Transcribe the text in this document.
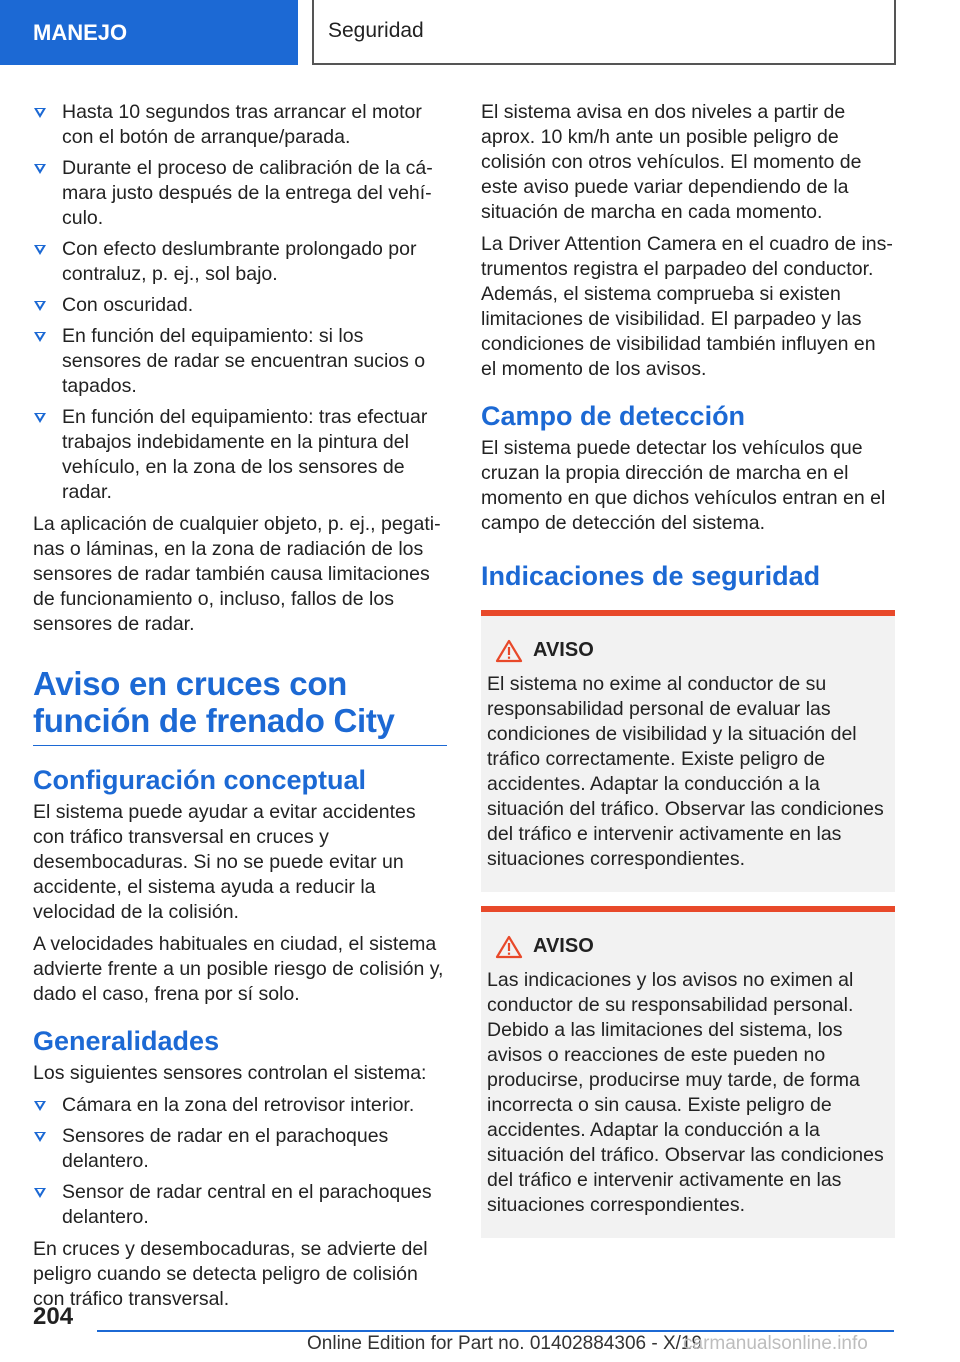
MANEJO	Seguridad
Hasta 10 segundos tras arrancar el motor con el botón de arranque/parada.
Durante el proceso de calibración de la cámara justo después de la entrega del vehículo.
Con efecto deslumbrante prolongado por contraluz, p. ej., sol bajo.
Con oscuridad.
En función del equipamiento: si los sensores de radar se encuentran sucios o tapados.
En función del equipamiento: tras efectuar trabajos indebidamente en la pintura del vehículo, en la zona de los sensores de radar.

La aplicación de cualquier objeto, p. ej., pegatinas o láminas, en la zona de radiación de los sensores de radar también causa limitaciones de funcionamiento o, incluso, fallos de los sensores de radar.

Aviso en cruces con función de frenado City
Configuración conceptual

El sistema puede ayudar a evitar accidentes con tráfico transversal en cruces y desembocaduras. Si no se puede evitar un accidente, el sistema ayuda a reducir la velocidad de la colisión.

A velocidades habituales en ciudad, el sistema advierte frente a un posible riesgo de colisión y, dado el caso, frena por sí solo.

Generalidades

Los siguientes sensores controlan el sistema:

Cámara en la zona del retrovisor interior.
Sensores de radar en el parachoques delantero.
Sensor de radar central en el parachoques delantero.

En cruces y desembocaduras, se advierte del peligro cuando se detecta peligro de colisión con tráfico transversal.

El sistema avisa en dos niveles a partir de aprox. 10 km/h ante un posible peligro de colisión con otros vehículos. El momento de este aviso puede variar dependiendo de la situación de marcha en cada momento.

La Driver Attention Camera en el cuadro de instrumentos registra el parpadeo del conductor. Además, el sistema comprueba si existen limitaciones de visibilidad. El parpadeo y las condiciones de visibilidad también influyen en el momento de los avisos.

Campo de detección

El sistema puede detectar los vehículos que cruzan la propia dirección de marcha en el momento en que dichos vehículos entran en el campo de detección del sistema.

Indicaciones de seguridad
AVISO

El sistema no exime al conductor de su responsabilidad personal de evaluar las condiciones de visibilidad y la situación del tráfico correctamente. Existe peligro de accidentes. Adaptar la conducción a la situación del tráfico. Observar las condiciones del tráfico e intervenir activamente en las situaciones correspondientes.

AVISO

Las indicaciones y los avisos no eximen al conductor de su responsabilidad personal. Debido a las limitaciones del sistema, los avisos o reacciones de este pueden no producirse, producirse muy tarde, de forma incorrecta o sin causa. Existe peligro de accidentes. Adaptar la conducción a la situación del tráfico. Observar las condiciones del tráfico e intervenir activamente en las situaciones correspondientes.

204
Online Edition for Part no. 01402884306 - X/19
carmanualsonline.info
